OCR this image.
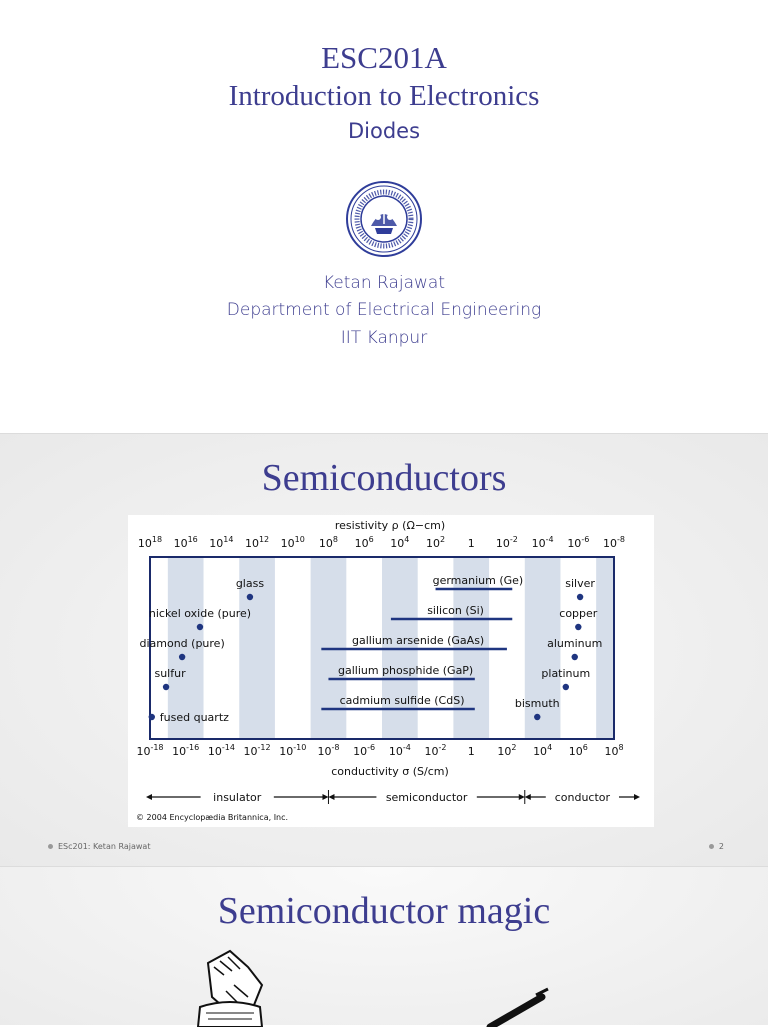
ESC201A
Introduction to Electronics
Diodes
Ketan Rajawat
Department of Electrical Engineering
IIT Kanpur
Semiconductors
resistivity ρ (Ω−cm)
$10^{18}$ $10^{16}$ $10^{14}$ $10^{12}$ $10^{10}$ $10^8$ $10^6$ $10^4$ $10^2$ 1 $10^{-2}$ $10^{-4}$ $10^{-6}$ $10^{-8}$
$10^{-18}$ $10^{-16}$ $10^{-14}$ $10^{-12}$ $10^{-10}$ $10^{-8}$ $10^{-6}$ $10^{-4}$ $10^{-2}$ 1 $10^2$ $10^4$ $10^6$ $10^8$
conductivity σ (S/cm)
germanium (Ge)
silicon (Si)
gallium arsenide (GaAs)
gallium phosphide (GaP)
cadmium sulfide (CdS)
glass
nickel oxide (pure)
diamond (pure)
sulfur
fused quartz
silver
copper
aluminum
platinum
bismuth
insulator	semiconductor	conductor
© 2004 Encyclopædia Britannica, Inc.
ESc201: Ketan Rajawat	2
Semiconductor magic
